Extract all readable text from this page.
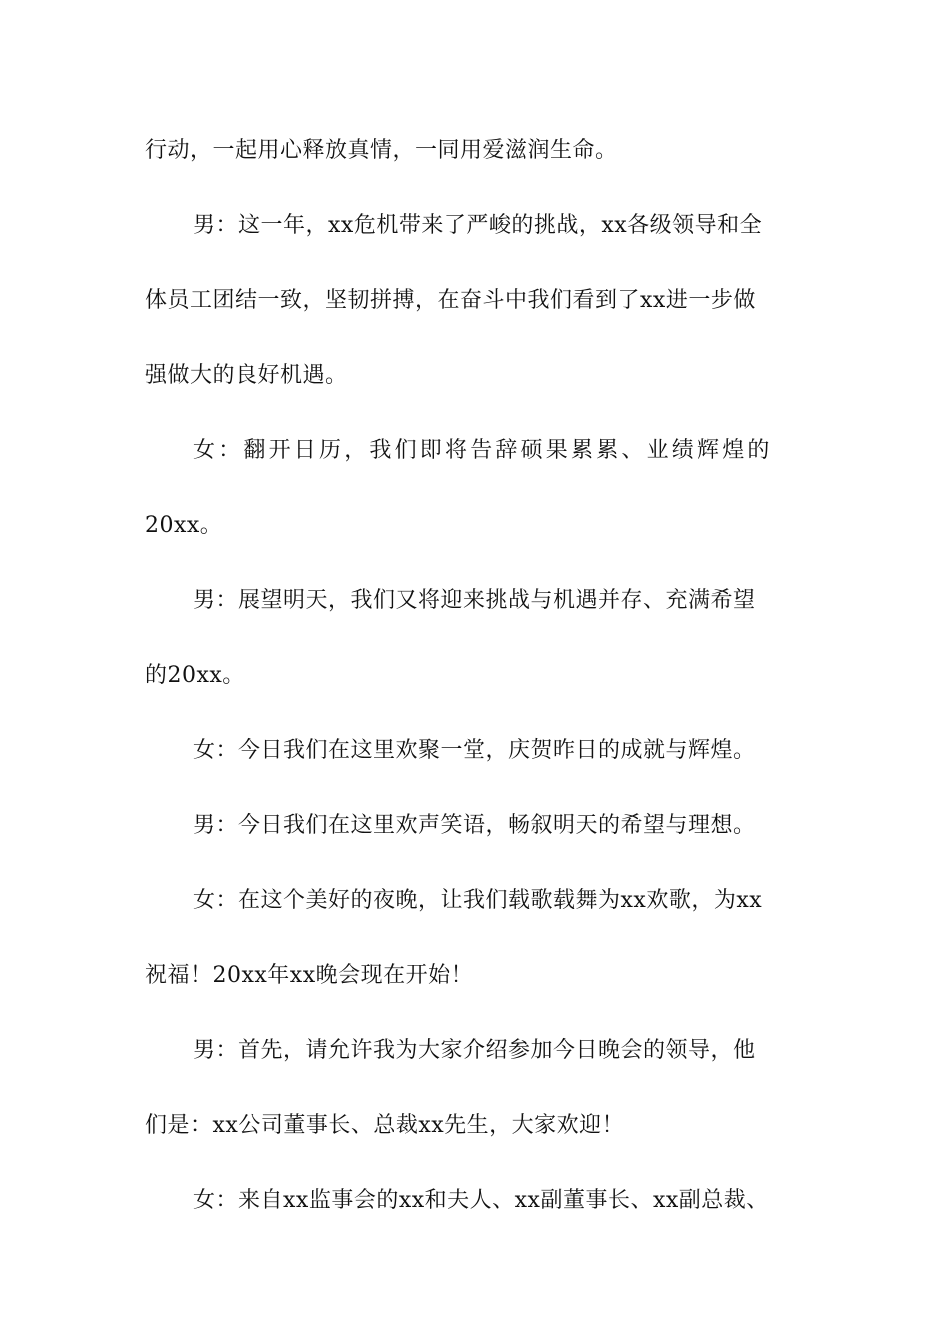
行动，一起用心释放真情，一同用爱滋润生命。
男：这一年，xx危机带来了严峻的挑战，xx各级领导和全
体员工团结一致，坚韧拼搏，在奋斗中我们看到了xx进一步做
强做大的良好机遇。
女：翻开日历，我们即将告辞硕果累累、业绩辉煌的
20xx。
男：展望明天，我们又将迎来挑战与机遇并存、充满希望
的20xx。
女：今日我们在这里欢聚一堂，庆贺昨日的成就与辉煌。
男：今日我们在这里欢声笑语，畅叙明天的希望与理想。
女：在这个美好的夜晚，让我们载歌载舞为xx欢歌，为xx
祝福！20xx年xx晚会现在开始！
男：首先，请允许我为大家介绍参加今日晚会的领导，他
们是：xx公司董事长、总裁xx先生，大家欢迎！
女：来自xx监事会的xx和夫人、xx副董事长、xx副总裁、
